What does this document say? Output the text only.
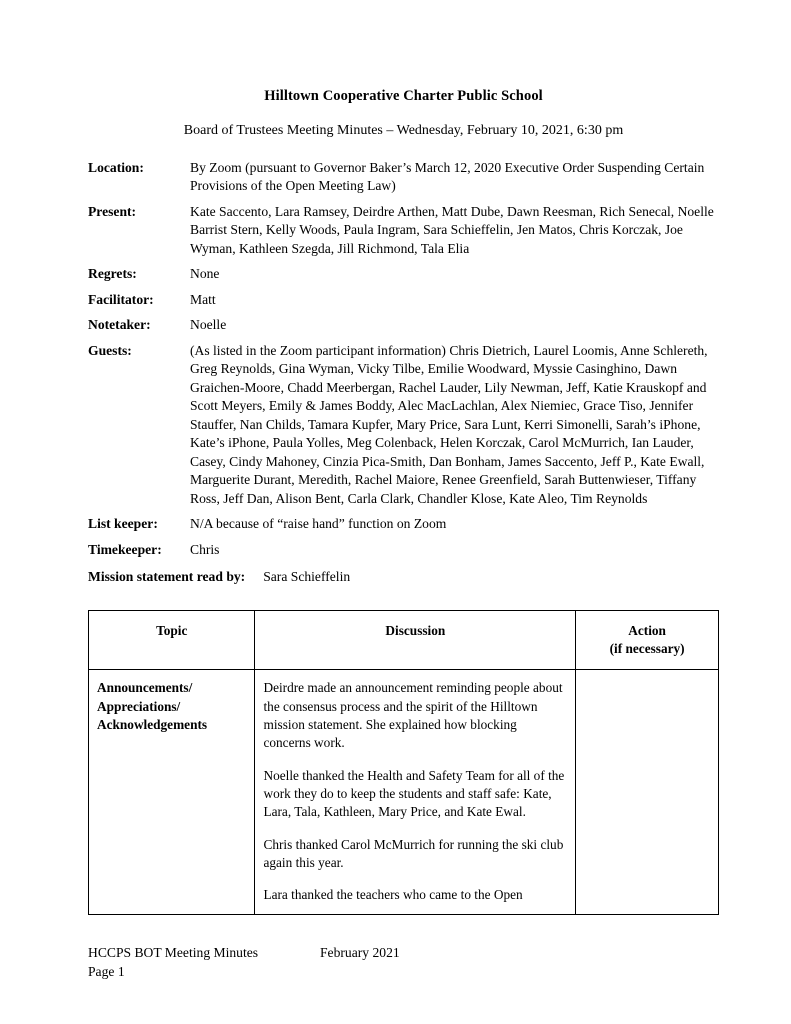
Hilltown Cooperative Charter Public School
Board of Trustees Meeting Minutes – Wednesday, February 10, 2021, 6:30 pm
Location:	By Zoom (pursuant to Governor Baker’s March 12, 2020 Executive Order Suspending Certain Provisions of the Open Meeting Law)
Present:	Kate Saccento, Lara Ramsey, Deirdre Arthen, Matt Dube, Dawn Reesman, Rich Senecal, Noelle Barrist Stern, Kelly Woods, Paula Ingram, Sara Schieffelin, Jen Matos, Chris Korczak, Joe Wyman, Kathleen Szegda, Jill Richmond, Tala Elia
Regrets:	None
Facilitator:	Matt
Notetaker:	Noelle
Guests:	(As listed in the Zoom participant information) Chris Dietrich, Laurel Loomis, Anne Schlereth, Greg Reynolds, Gina Wyman, Vicky Tilbe, Emilie Woodward, Myssie Casinghino, Dawn Graichen-Moore, Chadd Meerbergan, Rachel Lauder, Lily Newman, Jeff, Katie Krauskopf and Scott Meyers, Emily & James Boddy, Alec MacLachlan, Alex Niemiec, Grace Tiso, Jennifer Stauffer, Nan Childs, Tamara Kupfer, Mary Price, Sara Lunt, Kerri Simonelli, Sarah’s iPhone, Kate’s iPhone, Paula Yolles, Meg Colenback, Helen Korczak, Carol McMurrich, Ian Lauder, Casey, Cindy Mahoney, Cinzia Pica-Smith, Dan Bonham, James Saccento, Jeff P., Kate Ewall, Marguerite Durant, Meredith, Rachel Maiore, Renee Greenfield, Sarah Buttenwieser, Tiffany Ross, Jeff Dan, Alison Bent, Carla Clark, Chandler Klose, Kate Aleo, Tim Reynolds
List keeper:	N/A because of “raise hand” function on Zoom
Timekeeper:	Chris
Mission statement read by: Sara Schieffelin	
Topic	Discussion	Action
(if necessary)

Announcements/ Appreciations/ Acknowledgements	Deirdre made an announcement reminding people about the consensus process and the spirit of the Hilltown mission statement. She explained how blocking concerns work.

Noelle thanked the Health and Safety Team for all of the work they do to keep the students and staff safe: Kate, Lara, Tala, Kathleen, Mary Price, and Kate Ewal.

Chris thanked Carol McMurrich for running the ski club again this year.

Lara thanked the teachers who came to the Open	

HCCPS BOT Meeting Minutes	February 2021
Page 1
